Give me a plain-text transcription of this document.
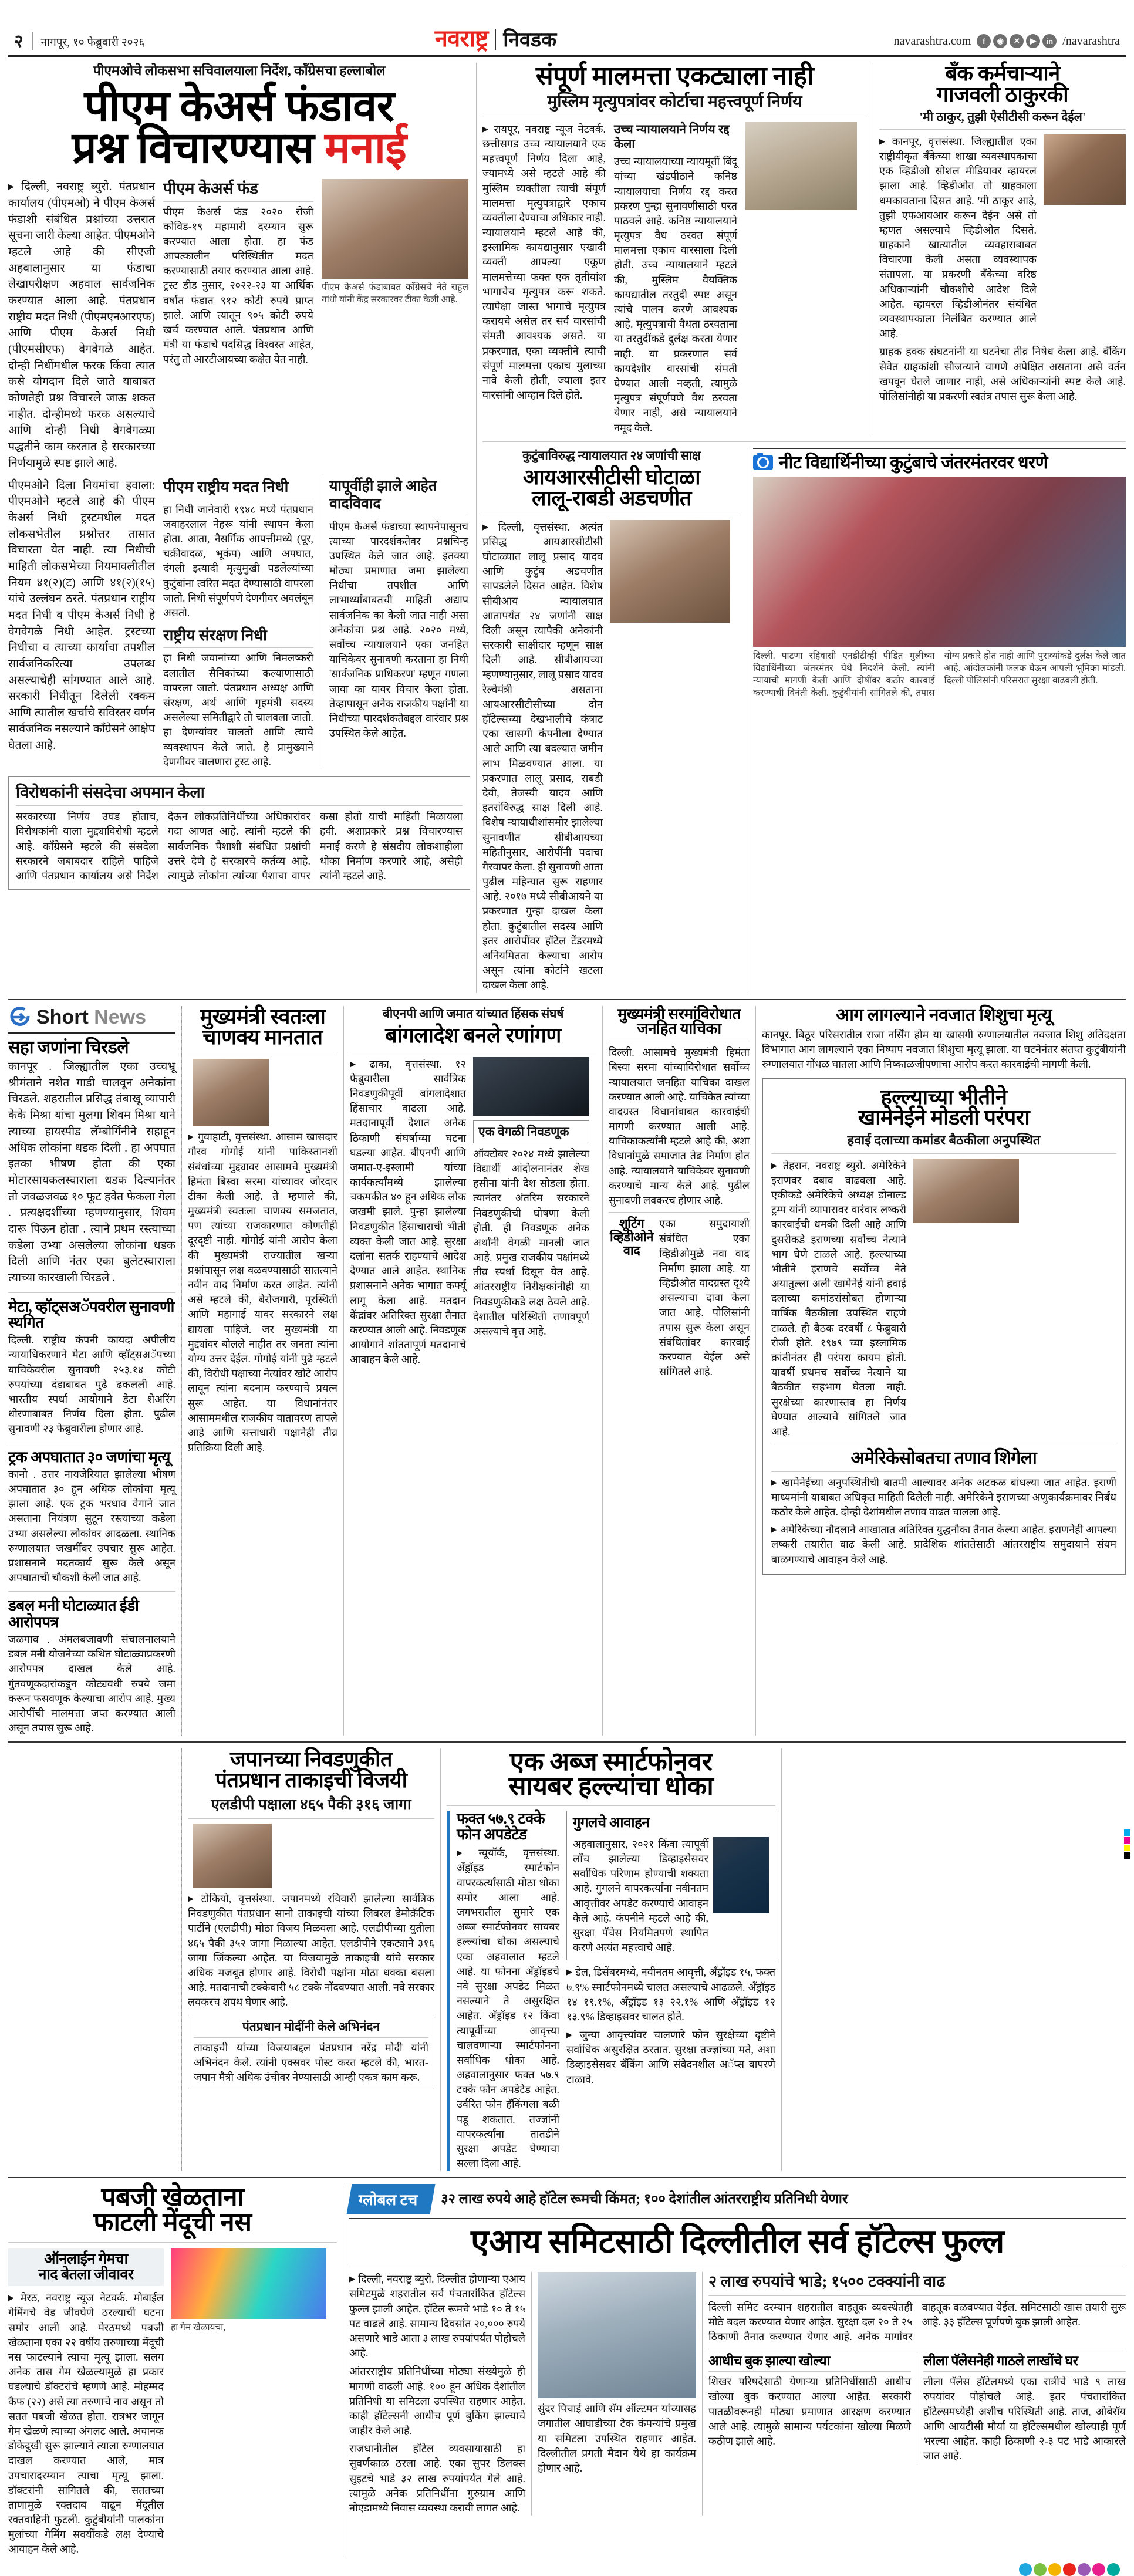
२ नागपूर, १० फेब्रुवारी २०२६	नवराष्ट्र निवडक	navarashtra.com	f	◉	✕	▶	in /navarashtra
पीएमओचे लोकसभा सचिवालयाला निर्देश, काँग्रेसचा हल्लाबोल
पीएम केअर्स फंडावर
प्रश्न विचारण्यास मनाई
▶ दिल्ली, नवराष्ट्र ब्युरो. पंतप्रधान कार्यालय (पीएमओ) ने पीएम केअर्स फंडाशी संबंधित प्रश्नांच्या उत्तरात सूचना जारी केल्या आहेत. पीएमओने म्हटले आहे की सीएजी अहवालानुसार या फंडाचा लेखापरीक्षण अहवाल सार्वजनिक करण्यात आला आहे. पंतप्रधान राष्ट्रीय मदत निधी (पीएमएनआरएफ) आणि पीएम केअर्स निधी (पीएमसीएफ) वेगवेगळे आहेत. दोन्ही निधींमधील फरक किंवा त्यात कसे योगदान दिले जाते याबाबत कोणतेही प्रश्न विचारले जाऊ शकत नाहीत. दोन्हीमध्ये फरक असल्याचे आणि दोन्ही निधी वेगवेगळ्या पद्धतीने काम करतात हे सरकारच्या निर्णयामुळे स्पष्ट झाले आहे.
पीएम केअर्स फंड
पीएम केअर्स फंड २०२० रोजी कोविड-१९ महामारी दरम्यान सुरू करण्यात आला होता. हा फंड आपत्कालीन परिस्थितीत मदत करण्यासाठी तयार करण्यात आला आहे. ट्रस्ट डीड नुसार, २०२२-२३ या आर्थिक वर्षात फंडात ९१२ कोटी रुपये प्राप्त झाले. आणि त्यातून ९०५ कोटी रुपये खर्च करण्यात आले. पंतप्रधान आणि मंत्री या फंडाचे पदसिद्ध विश्वस्त आहेत, परंतु तो आरटीआयच्या कक्षेत येत नाही.
पीएम केअर्स फंडाबाबत काँग्रेसचे नेते राहुल गांधी यांनी केंद्र सरकारवर टीका केली आहे.
पीएमओने दिला नियमांचा हवाला: पीएमओने म्हटले आहे की पीएम केअर्स निधी ट्रस्टमधील मदत लोकसभेतील प्रश्नोत्तर तासात विचारता येत नाही. त्या निधीची माहिती लोकसभेच्या नियमावलीतील नियम ४१(२)(ट) आणि ४१(२)(१५) यांचे उल्लंघन ठरते. पंतप्रधान राष्ट्रीय मदत निधी व पीएम केअर्स निधी हे वेगवेगळे निधी आहेत. ट्रस्टच्या निधीचा व त्याच्या कार्याचा तपशील सार्वजनिकरित्या उपलब्ध असल्याचेही सांगण्यात आले आहे. सरकारी निधीतून दिलेली रक्कम आणि त्यातील खर्चाचे सविस्तर वर्णन सार्वजनिक नसल्याने काँग्रेसने आक्षेप घेतला आहे.
पीएम राष्ट्रीय मदत निधी
हा निधी जानेवारी १९४८ मध्ये पंतप्रधान जवाहरलाल नेहरू यांनी स्थापन केला होता. आता, नैसर्गिक आपत्तीमध्ये (पूर, चक्रीवादळ, भूकंप) आणि अपघात, दंगली इत्यादी मृत्युमुखी पडलेल्यांच्या कुटुंबांना त्वरित मदत देण्यासाठी वापरला जातो. निधी संपूर्णपणे देणगीवर अवलंबून असतो.
राष्ट्रीय संरक्षण निधी
हा निधी जवानांच्या आणि निमलष्करी दलातील सैनिकांच्या कल्याणासाठी वापरला जातो. पंतप्रधान अध्यक्ष आणि संरक्षण, अर्थ आणि गृहमंत्री सदस्य असलेल्या समितीद्वारे तो चालवला जातो. हा देणग्यांवर चालतो आणि त्याचे व्यवस्थापन केले जाते. हे प्रामुख्याने देणगीवर चालणारा ट्रस्ट आहे.
यापूर्वीही झाले आहेत वादविवाद
पीएम केअर्स फंडाच्या स्थापनेपासूनच त्याच्या पारदर्शकतेवर प्रश्नचिन्ह उपस्थित केले जात आहे. इतक्या मोठ्या प्रमाणात जमा झालेल्या निधीचा तपशील आणि लाभार्थ्यांबाबतची माहिती अद्याप सार्वजनिक का केली जात नाही असा अनेकांचा प्रश्न आहे. २०२० मध्ये, सर्वोच्च न्यायालयाने एका जनहित याचिकेवर सुनावणी करताना हा निधी 'सार्वजनिक प्राधिकरण' म्हणून गणला जावा का यावर विचार केला होता. तेव्हापासून अनेक राजकीय पक्षांनी या निधीच्या पारदर्शकतेबद्दल वारंवार प्रश्न उपस्थित केले आहेत.
विरोधकांनी संसदेचा अपमान केला
सरकारच्या निर्णय उघड होताच, विरोधकांनी याला मुद्द्याविरोधी म्हटले आहे. काँग्रेसने म्हटले की संसदेला सरकारने जबाबदार राहिले पाहिजे आणि पंतप्रधान कार्यालय असे निर्देश देऊन लोकप्रतिनिधींच्या अधिकारांवर गदा आणत आहे. त्यांनी म्हटले की सार्वजनिक पैशाशी संबंधित प्रश्नांची उत्तरे देणे हे सरकारचे कर्तव्य आहे. त्यामुळे लोकांना त्यांच्या पैशाचा वापर कसा होतो याची माहिती मिळायला हवी. अशाप्रकारे प्रश्न विचारण्यास मनाई करणे हे संसदीय लोकशाहीला धोका निर्माण करणारे आहे, असेही त्यांनी म्हटले आहे.
संपूर्ण मालमत्ता एकट्याला नाही
मुस्लिम मृत्युपत्रांवर कोर्टाचा महत्त्वपूर्ण निर्णय
▶ रायपूर, नवराष्ट्र न्यूज नेटवर्क. छत्तीसगड उच्च न्यायालयाने एक महत्त्वपूर्ण निर्णय दिला आहे, ज्यामध्ये असे म्हटले आहे की मुस्लिम व्यक्तीला त्याची संपूर्ण मालमत्ता मृत्युपत्राद्वारे एकाच व्यक्तीला देण्याचा अधिकार नाही. न्यायालयाने म्हटले आहे की, इस्लामिक कायद्यानुसार एखादी व्यक्ती आपल्या एकूण मालमत्तेच्या फक्त एक तृतीयांश भागाचेच मृत्युपत्र करू शकते. त्यापेक्षा जास्त भागाचे मृत्युपत्र करायचे असेल तर सर्व वारसांची संमती आवश्यक असते. या प्रकरणात, एका व्यक्तीने त्याची संपूर्ण मालमत्ता एकाच मुलाच्या नावे केली होती, ज्याला इतर वारसांनी आव्हान दिले होते.
उच्च न्यायालयाने निर्णय रद्द केला
उच्च न्यायालयाच्या न्यायमूर्ती बिंदू यांच्या खंडपीठाने कनिष्ठ न्यायालयाचा निर्णय रद्द करत प्रकरण पुन्हा सुनावणीसाठी परत पाठवले आहे. कनिष्ठ न्यायालयाने मृत्युपत्र वैध ठरवत संपूर्ण मालमत्ता एकाच वारसाला दिली होती. उच्च न्यायालयाने म्हटले की, मुस्लिम वैयक्तिक कायद्यातील तरतुदी स्पष्ट असून त्यांचे पालन करणे आवश्यक आहे. मृत्युपत्राची वैधता ठरवताना या तरतुदींकडे दुर्लक्ष करता येणार नाही. या प्रकरणात सर्व कायदेशीर वारसांची संमती घेण्यात आली नव्हती, त्यामुळे मृत्युपत्र संपूर्णपणे वैध ठरवता येणार नाही, असे न्यायालयाने नमूद केले.
बँक कर्मचाऱ्याने
गाजवली ठाकुरकी
'मी ठाकुर, तुझी ऐसीटीसी करून देईल'
▶ कानपूर, वृत्तसंस्था. जिल्ह्यातील एका राष्ट्रीयीकृत बँकेच्या शाखा व्यवस्थापकाचा एक व्हिडीओ सोशल मीडियावर व्हायरल झाला आहे. व्हिडीओत तो ग्राहकाला धमकावताना दिसत आहे. 'मी ठाकूर आहे, तुझी एफआयआर करून देईन' असे तो म्हणत असल्याचे व्हिडीओत दिसते. ग्राहकाने खात्यातील व्यवहाराबाबत विचारणा केली असता व्यवस्थापक संतापला. या प्रकरणी बँकेच्या वरिष्ठ अधिकाऱ्यांनी चौकशीचे आदेश दिले आहेत. व्हायरल व्हिडीओनंतर संबंधित व्यवस्थापकाला निलंबित करण्यात आले आहे.
ग्राहक हक्क संघटनांनी या घटनेचा तीव्र निषेध केला आहे. बँकिंग सेवेत ग्राहकांशी सौजन्याने वागणे अपेक्षित असताना असे वर्तन खपवून घेतले जाणार नाही, असे अधिकाऱ्यांनी स्पष्ट केले आहे. पोलिसांनीही या प्रकरणी स्वतंत्र तपास सुरू केला आहे.
कुटुंबाविरुद्ध न्यायालयात २४ जणांची साक्ष
आयआरसीटीसी घोटाळा
लालू-राबडी अडचणीत
▶ दिल्ली, वृत्तसंस्था. अत्यंत प्रसिद्ध आयआरसीटीसी घोटाळ्यात लालू प्रसाद यादव आणि कुटुंब अडचणीत सापडलेले दिसत आहेत. विशेष सीबीआय न्यायालयात आतापर्यंत २४ जणांनी साक्ष दिली असून त्यापैकी अनेकांनी सरकारी साक्षीदार म्हणून साक्ष दिली आहे. सीबीआयच्या म्हणण्यानुसार, लालू प्रसाद यादव रेल्वेमंत्री असताना आयआरसीटीसीच्या दोन हॉटेल्सच्या देखभालीचे कंत्राट एका खासगी कंपनीला देण्यात आले आणि त्या बदल्यात जमीन लाभ मिळवण्यात आला. या प्रकरणात लालू प्रसाद, राबडी देवी, तेजस्वी यादव आणि इतरांविरुद्ध साक्ष दिली आहे. विशेष न्यायाधीशांसमोर झालेल्या सुनावणीत सीबीआयच्या महितीनुसार, आरोपींनी पदाचा गैरवापर केला. ही सुनावणी आता पुढील महिन्यात सुरू राहणार आहे. २०१७ मध्ये सीबीआयने या प्रकरणात गुन्हा दाखल केला होता. कुटुंबातील सदस्य आणि इतर आरोपींवर हॉटेल टेंडरमध्ये अनियमितता केल्याचा आरोप असून त्यांना कोर्टाने खटला दाखल केला आहे.
नीट विद्यार्थिनीच्या कुटुंबाचे जंतरमंतरवर धरणे
दिल्ली. पाटणा रहिवासी एनडीटीव्ही पीडित मुलीच्या विद्यार्थिनीच्या जंतरमंतर येथे निदर्शने केली. त्यांनी न्यायाची मागणी केली आणि दोषींवर कठोर कारवाई करण्याची विनंती केली. कुटुंबीयांनी सांगितले की, तपास योग्य प्रकारे होत नाही आणि पुराव्यांकडे दुर्लक्ष केले जात आहे. आंदोलकांनी फलक घेऊन आपली भूमिका मांडली. दिल्ली पोलिसांनी परिसरात सुरक्षा वाढवली होती.
Short News
सहा जणांना चिरडले
कानपूर . जिल्ह्यातील एका उच्चभ्रू श्रीमंताने नशेत गाडी चालवून अनेकांना चिरडले. शहरातील प्रसिद्ध तंबाखू व्यापारी केके मिश्रा यांचा मुलगा शिवम मिश्रा याने त्याच्या हायस्पीड लॅम्बोर्गिनीने सहाहून अधिक लोकांना धडक दिली . हा अपघात इतका भीषण होता की एका मोटारसायकलस्वाराला धडक दिल्यानंतर तो जवळजवळ १० फूट हवेत फेकला गेला . प्रत्यक्षदर्शींच्या म्हणण्यानुसार, शिवम दारू पिऊन होता . त्याने प्रथम रस्त्याच्या कडेला उभ्या असलेल्या लोकांना धडक दिली आणि नंतर एका बुलेटस्वाराला त्याच्या कारखाली चिरडले .
मेटा, व्हॉट्सअॅपवरील सुनावणी स्थगित
दिल्ली. राष्ट्रीय कंपनी कायदा अपीलीय न्यायाधिकरणाने मेटा आणि व्हॉट्सअॅपच्या याचिकेवरील सुनावणी २५३.१४ कोटी रुपयांच्या दंडाबाबत पुढे ढकलली आहे. भारतीय स्पर्धा आयोगाने डेटा शेअरिंग धोरणाबाबत निर्णय दिला होता. पुढील सुनावणी २३ फेब्रुवारीला होणार आहे.
ट्रक अपघातात ३० जणांचा मृत्यू
कानो . उत्तर नायजेरियात झालेल्या भीषण अपघातात ३० हून अधिक लोकांचा मृत्यू झाला आहे. एक ट्रक भरधाव वेगाने जात असताना नियंत्रण सुटून रस्त्याच्या कडेला उभ्या असलेल्या लोकांवर आदळला. स्थानिक रुग्णालयात जखमींवर उपचार सुरू आहेत. प्रशासनाने मदतकार्य सुरू केले असून अपघाताची चौकशी केली जात आहे.
डबल मनी घोटाळ्यात ईडी आरोपपत्र
जळगाव . अंमलबजावणी संचालनालयाने डबल मनी योजनेच्या कथित घोटाळ्याप्रकरणी आरोपपत्र दाखल केले आहे. गुंतवणूकदारांकडून कोट्यवधी रुपये जमा करून फसवणूक केल्याचा आरोप आहे. मुख्य आरोपींची मालमत्ता जप्त करण्यात आली असून तपास सुरू आहे.
मुख्यमंत्री स्वतःला
चाणक्य मानतात
▶ गुवाहाटी, वृत्तसंस्था. आसाम खासदार गौरव गोगोई यांनी पाकिस्तानशी संबंधांच्या मुद्द्यावर आसामचे मुख्यमंत्री हिमंता बिस्वा सरमा यांच्यावर जोरदार टीका केली आहे. ते म्हणाले की, मुख्यमंत्री स्वतःला चाणक्य समजतात, पण त्यांच्या राजकारणात कोणतीही दूरदृष्टी नाही. गोगोई यांनी आरोप केला की मुख्यमंत्री राज्यातील खऱ्या प्रश्नांपासून लक्ष वळवण्यासाठी सातत्याने नवीन वाद निर्माण करत आहेत. त्यांनी असे म्हटले की, बेरोजगारी, पूरस्थिती आणि महागाई यावर सरकारने लक्ष द्यायला पाहिजे. जर मुख्यमंत्री या मुद्द्यांवर बोलले नाहीत तर जनता त्यांना योग्य उत्तर देईल. गोगोई यांनी पुढे म्हटले की, विरोधी पक्षाच्या नेत्यांवर खोटे आरोप लावून त्यांना बदनाम करण्याचे प्रयत्न सुरू आहेत. या विधानांनंतर आसाममधील राजकीय वातावरण तापले आहे आणि सत्ताधारी पक्षानेही तीव्र प्रतिक्रिया दिली आहे.
बीएनपी आणि जमात यांच्यात हिंसक संघर्ष
बांगलादेश बनले रणांगण
▶ ढाका, वृत्तसंस्था. १२ फेब्रुवारीला सार्वत्रिक निवडणुकीपूर्वी बांगलादेशात हिंसाचार वाढला आहे. मतदानापूर्वी देशात अनेक ठिकाणी संघर्षाच्या घटना घडल्या आहेत. बीएनपी आणि जमात-ए-इस्लामी यांच्या कार्यकर्त्यांमध्ये झालेल्या चकमकीत ४० हून अधिक लोक जखमी झाले. पुन्हा झालेल्या निवडणुकीत हिंसाचाराची भीती व्यक्त केली जात आहे. सुरक्षा दलांना सतर्क राहण्याचे आदेश देण्यात आले आहेत. स्थानिक प्रशासनाने अनेक भागात कर्फ्यू लागू केला आहे. मतदान केंद्रांवर अतिरिक्त सुरक्षा तैनात करण्यात आली आहे. निवडणूक आयोगाने शांततापूर्ण मतदानाचे आवाहन केले आहे.
एक वेगळी निवडणूक
ऑक्टोबर २०२४ मध्ये झालेल्या विद्यार्थी आंदोलनानंतर शेख हसीना यांनी देश सोडला होता. त्यानंतर अंतरिम सरकारने निवडणुकीची घोषणा केली होती. ही निवडणूक अनेक अर्थांनी वेगळी मानली जात आहे. प्रमुख राजकीय पक्षांमध्ये तीव्र स्पर्धा दिसून येत आहे. आंतरराष्ट्रीय निरीक्षकांनीही या निवडणुकीकडे लक्ष ठेवले आहे. देशातील परिस्थिती तणावपूर्ण असल्याचे वृत्त आहे.
मुख्यमंत्री सरमांविरोधात
जनहित याचिका
दिल्ली. आसामचे मुख्यमंत्री हिमंता बिस्वा सरमा यांच्याविरोधात सर्वोच्च न्यायालयात जनहित याचिका दाखल करण्यात आली आहे. याचिकेत त्यांच्या वादग्रस्त विधानांबाबत कारवाईची मागणी करण्यात आली आहे. याचिकाकर्त्यांनी म्हटले आहे की, अशा विधानांमुळे समाजात तेढ निर्माण होत आहे. न्यायालयाने याचिकेवर सुनावणी करण्याचे मान्य केले आहे. पुढील सुनावणी लवकरच होणार आहे.
शूटिंग
व्हिडीओने
वाद
एका समुदायाशी संबंधित एका व्हिडीओमुळे नवा वाद निर्माण झाला आहे. या व्हिडीओत वादग्रस्त दृश्ये असल्याचा दावा केला जात आहे. पोलिसांनी तपास सुरू केला असून संबंधितांवर कारवाई करण्यात येईल असे सांगितले आहे.
आग लागल्याने नवजात शिशुचा मृत्यू
कानपूर. बिठूर परिसरातील राजा नर्सिंग होम या खासगी रुग्णालयातील नवजात शिशु अतिदक्षता विभागात आग लागल्याने एका निष्पाप नवजात शिशुचा मृत्यू झाला. या घटनेनंतर संतप्त कुटुंबीयांनी रुग्णालयात गोंधळ घातला आणि निष्काळजीपणाचा आरोप करत कारवाईची मागणी केली.
हल्ल्याच्या भीतीने
खामेनेईने मोडली परंपरा
हवाई दलाच्या कमांडर बैठकीला अनुपस्थित
▶ तेहरान, नवराष्ट्र ब्युरो. अमेरिकेने इराणवर दबाव वाढवला आहे. एकीकडे अमेरिकेचे अध्यक्ष डोनाल्ड ट्रम्प यांनी व्यापारावर वारंवार लष्करी कारवाईची धमकी दिली आहे आणि दुसरीकडे इराणच्या सर्वोच्च नेत्याने भाग घेणे टाळले आहे. हल्ल्याच्या भीतीने इराणचे सर्वोच्च नेते अयातुल्ला अली खामेनेई यांनी हवाई दलाच्या कमांडरांसोबत होणाऱ्या वार्षिक बैठकीला उपस्थित राहणे टाळले. ही बैठक दरवर्षी ८ फेब्रुवारी रोजी होते. १९७९ च्या इस्लामिक क्रांतीनंतर ही परंपरा कायम होती. यावर्षी प्रथमच सर्वोच्च नेत्याने या बैठकीत सहभाग घेतला नाही. सुरक्षेच्या कारणास्तव हा निर्णय घेण्यात आल्याचे सांगितले जात आहे.
अमेरिकेसोबतचा तणाव शिगेला
▶ खामेनेईच्या अनुपस्थितीची बातमी आल्यावर अनेक अटकळ बांधल्या जात आहेत. इराणी माध्यमांनी याबाबत अधिकृत माहिती दिलेली नाही. अमेरिकेने इराणच्या अणुकार्यक्रमावर निर्बंध कठोर केले आहेत. दोन्ही देशांमधील तणाव वाढत चालला आहे.
▶ अमेरिकेच्या नौदलाने आखातात अतिरिक्त युद्धनौका तैनात केल्या आहेत. इराणनेही आपल्या लष्करी तयारीत वाढ केली आहे. प्रादेशिक शांततेसाठी आंतरराष्ट्रीय समुदायाने संयम बाळगण्याचे आवाहन केले आहे.
जपानच्या निवडणुकीत
पंतप्रधान ताकाइची विजयी
एलडीपी पक्षाला ४६५ पैकी ३१६ जागा
▶ टोकियो, वृत्तसंस्था. जपानमध्ये रविवारी झालेल्या सार्वत्रिक निवडणुकीत पंतप्रधान सानो ताकाइची यांच्या लिबरल डेमोक्रॅटिक पार्टीने (एलडीपी) मोठा विजय मिळवला आहे. एलडीपीच्या युतीला ४६५ पैकी ३५२ जागा मिळाल्या आहेत. एलडीपीने एकट्याने ३१६ जागा जिंकल्या आहेत. या विजयामुळे ताकाइची यांचे सरकार अधिक मजबूत होणार आहे. विरोधी पक्षांना मोठा धक्का बसला आहे. मतदानाची टक्केवारी ५८ टक्के नोंदवण्यात आली. नवे सरकार लवकरच शपथ घेणार आहे.
पंतप्रधान मोदींनी केले अभिनंदन
ताकाइची यांच्या विजयाबद्दल पंतप्रधान नरेंद्र मोदी यांनी अभिनंदन केले. त्यांनी एक्सवर पोस्ट करत म्हटले की, भारत-जपान मैत्री अधिक उंचीवर नेण्यासाठी आम्ही एकत्र काम करू.
एक अब्ज स्मार्टफोनवर
सायबर हल्ल्यांचा धोका
फक्त ५७.९ टक्के
फोन अपडेटेड
▶ न्यूयॉर्क, वृत्तसंस्था. अँड्रॉइड स्मार्टफोन वापरकर्त्यांसाठी मोठा धोका समोर आला आहे. जगभरातील सुमारे एक अब्ज स्मार्टफोनवर सायबर हल्ल्यांचा धोका असल्याचे एका अहवालात म्हटले आहे. या फोनना अँड्रॉइडचे नवे सुरक्षा अपडेट मिळत नसल्याने ते असुरक्षित आहेत. अँड्रॉइड १२ किंवा त्यापूर्वीच्या आवृत्त्या चालवणाऱ्या स्मार्टफोनना सर्वाधिक धोका आहे. अहवालानुसार फक्त ५७.९ टक्के फोन अपडेटेड आहेत. उर्वरित फोन हॅकिंगला बळी पडू शकतात. तज्ज्ञांनी वापरकर्त्यांना तातडीने सुरक्षा अपडेट घेण्याचा सल्ला दिला आहे.
गुगलचे आवाहन
अहवालानुसार, २०२१ किंवा त्यापूर्वी लाँच झालेल्या डिव्हाइसेसवर सर्वाधिक परिणाम होण्याची शक्यता आहे. गुगलने वापरकर्त्यांना नवीनतम आवृत्तीवर अपडेट करण्याचे आवाहन केले आहे. कंपनीने म्हटले आहे की, सुरक्षा पॅचेस नियमितपणे स्थापित करणे अत्यंत महत्त्वाचे आहे.
▶ डेल, डिसेंबरमध्ये, नवीनतम आवृत्ती, अँड्रॉइड १५, फक्त ७.९% स्मार्टफोनमध्ये चालत असल्याचे आढळले. अँड्रॉइड १४ १९.१%, अँड्रॉइड १३ २२.१% आणि अँड्रॉइड १२ १३.९% डिव्हाइसवर चालत होते.
▶ जुन्या आवृत्त्यांवर चालणारे फोन सुरक्षेच्या दृष्टीने सर्वाधिक असुरक्षित ठरतात. सुरक्षा तज्ज्ञांच्या मते, अशा डिव्हाइसेसवर बँकिंग आणि संवेदनशील अॅप्स वापरणे टाळावे.
पबजी खेळताना
फाटली मेंदूची नस
ऑनलाईन गेमचा
नाद बेतला जीवावर
▶ मेरठ, नवराष्ट्र न्यूज नेटवर्क. मोबाईल गेमिंगचे वेड जीवघेणे ठरल्याची घटना समोर आली आहे. मेरठमध्ये पबजी खेळताना एका २२ वर्षीय तरुणाच्या मेंदूची नस फाटल्याने त्याचा मृत्यू झाला. सलग अनेक तास गेम खेळल्यामुळे हा प्रकार घडल्याचे डॉक्टरांचे म्हणणे आहे. मोहम्मद कैफ (२२) असे त्या तरुणाचे नाव असून तो सतत पबजी खेळत होता. रात्रभर जागून गेम खेळणे त्याच्या अंगलट आले. अचानक डोकेदुखी सुरू झाल्याने त्याला रुग्णालयात दाखल करण्यात आले, मात्र उपचारादरम्यान त्याचा मृत्यू झाला. डॉक्टरांनी सांगितले की, सततच्या ताणामुळे रक्तदाब वाढून मेंदूतील रक्तवाहिनी फुटली. कुटुंबीयांनी पालकांना मुलांच्या गेमिंग सवयींकडे लक्ष देण्याचे आवाहन केले आहे.
हा गेम खेळायचा,
ग्लोबल टच	३२ लाख रुपये आहे हॉटेल रूमची किंमत; १०० देशांतील आंतरराष्ट्रीय प्रतिनिधी येणार
एआय समिटसाठी दिल्लीतील सर्व हॉटेल्स फुल्ल
▶ दिल्ली, नवराष्ट्र ब्युरो. दिल्लीत होणाऱ्या एआय समिटमुळे शहरातील सर्व पंचतारांकित हॉटेल्स फुल्ल झाली आहेत. हॉटेल रूमचे भाडे १० ते १५ पट वाढले आहे. सामान्य दिवसांत २०,००० रुपये असणारे भाडे आता ३ लाख रुपयांपर्यंत पोहोचले आहे.
आंतरराष्ट्रीय प्रतिनिधींच्या मोठ्या संख्येमुळे ही मागणी वाढली आहे. १०० हून अधिक देशांतील प्रतिनिधी या समिटला उपस्थित राहणार आहेत. काही हॉटेल्सनी आधीच पूर्ण बुकिंग झाल्याचे जाहीर केले आहे.
राजधानीतील हॉटेल व्यवसायासाठी हा सुवर्णकाळ ठरला आहे. एका सुपर डिलक्स सुइटचे भाडे ३२ लाख रुपयांपर्यंत गेले आहे. त्यामुळे अनेक प्रतिनिधींना गुरुग्राम आणि नोएडामध्ये निवास व्यवस्था करावी लागत आहे.
सुंदर पिचाई आणि सॅम ऑल्टमन यांच्यासह जगातील आघाडीच्या टेक कंपन्यांचे प्रमुख या समिटला उपस्थित राहणार आहेत. दिल्लीतील प्रगती मैदान येथे हा कार्यक्रम होणार आहे.
२ लाख रुपयांचे भाडे; १५०० टक्क्यांनी वाढ
दिल्ली समिट दरम्यान शहरातील वाहतूक व्यवस्थेतही मोठे बदल करण्यात येणार आहेत. सुरक्षा दल २० ते २५ ठिकाणी तैनात करण्यात येणार आहे. अनेक मार्गांवर वाहतूक वळवण्यात येईल. समिटसाठी खास तयारी सुरू आहे. ३३ हॉटेल्स पूर्णपणे बुक झाली आहेत.
आधीच बुक झाल्या खोल्या
शिखर परिषदेसाठी येणाऱ्या प्रतिनिधींसाठी आधीच खोल्या बुक करण्यात आल्या आहेत. सरकारी पातळीवरूनही मोठ्या प्रमाणात आरक्षण करण्यात आले आहे. त्यामुळे सामान्य पर्यटकांना खोल्या मिळणे कठीण झाले आहे.
लीला पॅलेसनेही गाठले लाखोंचे घर
लीला पॅलेस हॉटेलमध्ये एका रात्रीचे भाडे ९ लाख रुपयांवर पोहोचले आहे. इतर पंचतारांकित हॉटेल्समध्येही अशीच परिस्थिती आहे. ताज, ओबेरॉय आणि आयटीसी मौर्या या हॉटेल्समधील खोल्याही पूर्ण भरल्या आहेत. काही ठिकाणी २-३ पट भाडे आकारले जात आहे.
